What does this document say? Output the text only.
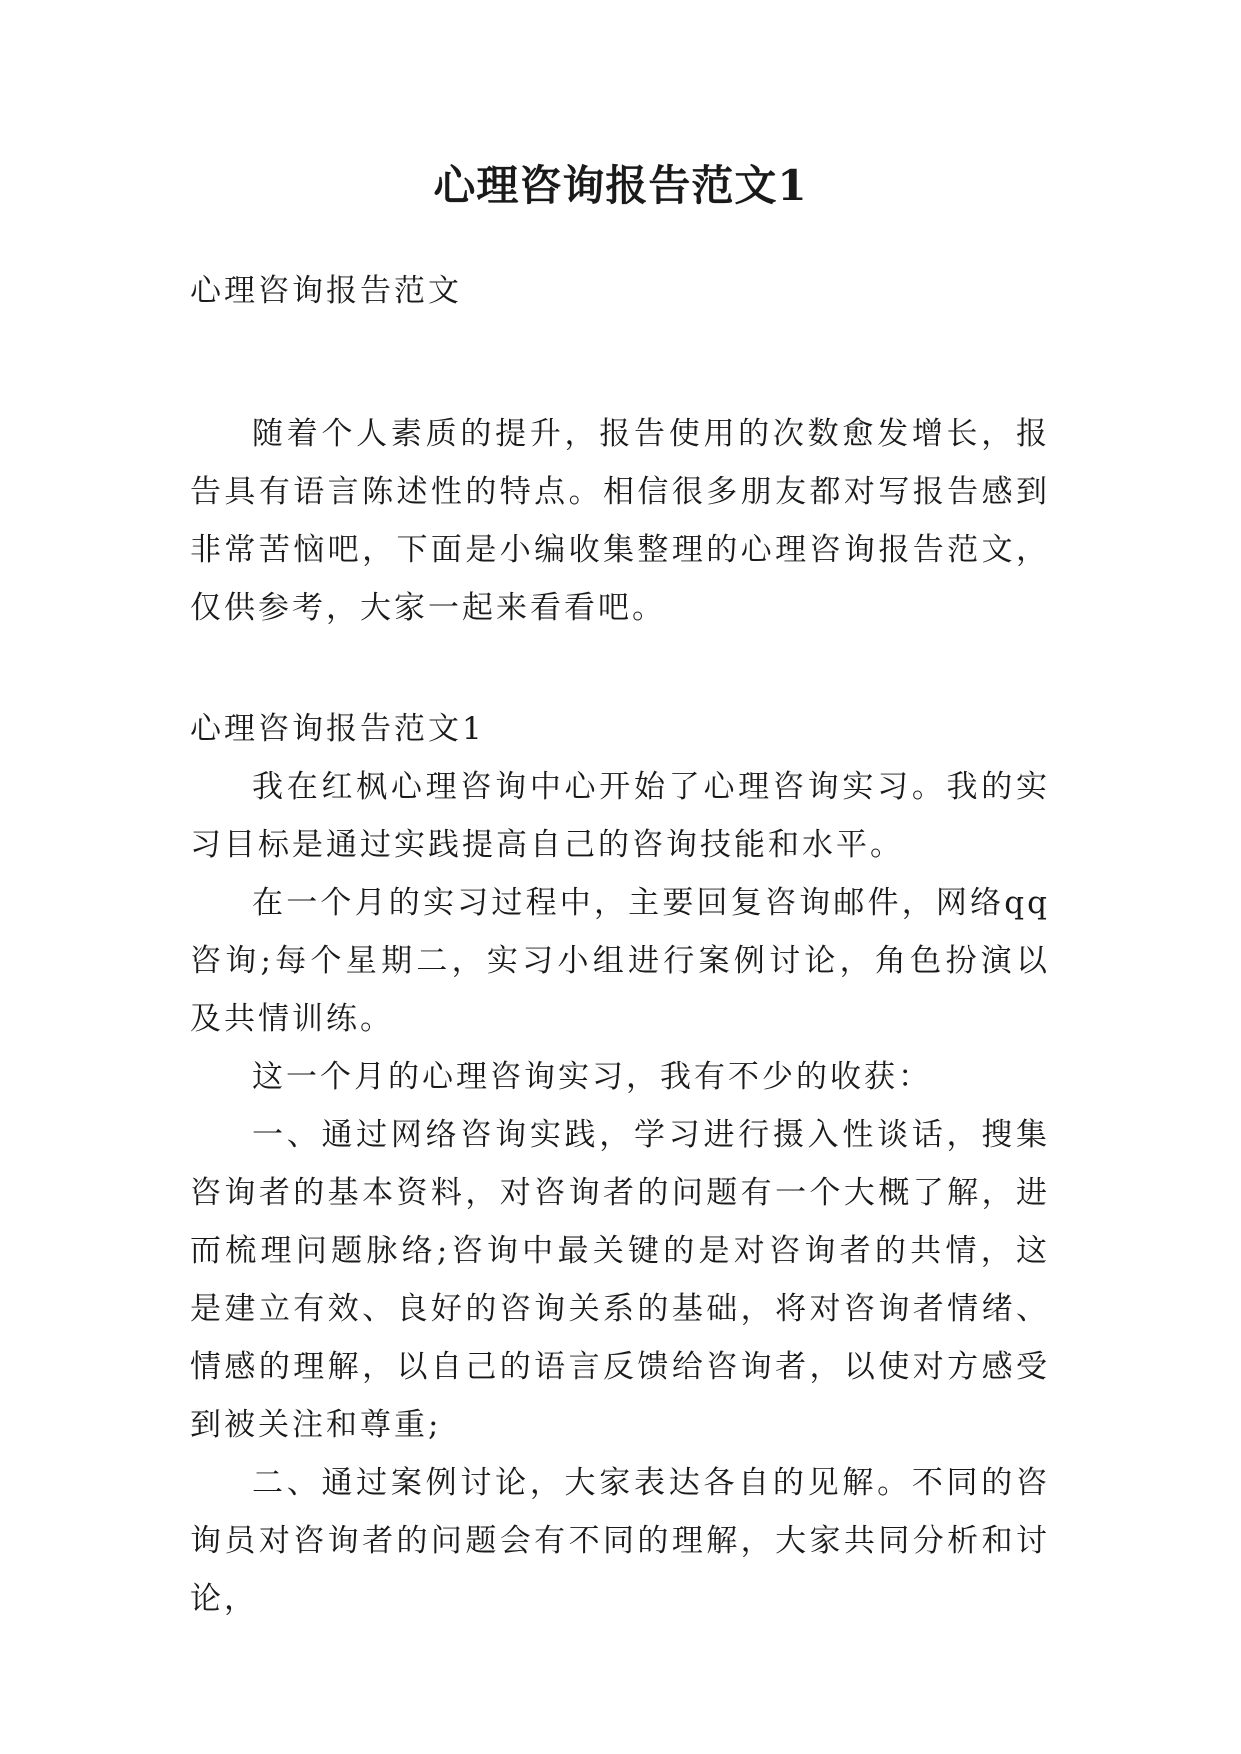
心理咨询报告范文1

心理咨询报告范文

随着个人素质的提升，报告使用的次数愈发增长，报告具有语言陈述性的特点。相信很多朋友都对写报告感到非常苦恼吧，下面是小编收集整理的心理咨询报告范文，仅供参考，大家一起来看看吧。

心理咨询报告范文1

我在红枫心理咨询中心开始了心理咨询实习。我的实习目标是通过实践提高自己的咨询技能和水平。

在一个月的实习过程中，主要回复咨询邮件，网络qq咨询;每个星期二，实习小组进行案例讨论，角色扮演以及共情训练。

这一个月的心理咨询实习，我有不少的收获：

一、通过网络咨询实践，学习进行摄入性谈话，搜集咨询者的基本资料，对咨询者的问题有一个大概了解，进而梳理问题脉络;咨询中最关键的是对咨询者的共情，这是建立有效、良好的咨询关系的基础，将对咨询者情绪、情感的理解，以自己的语言反馈给咨询者，以使对方感受到被关注和尊重;

二、通过案例讨论，大家表达各自的见解。不同的咨询员对咨询者的问题会有不同的理解，大家共同分析和讨论，
